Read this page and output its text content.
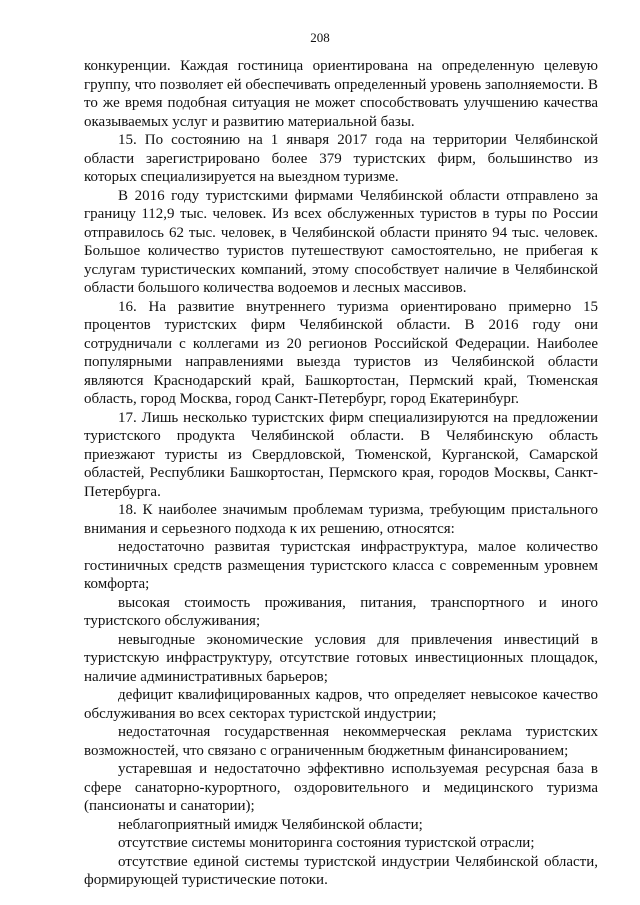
208

конкуренции. Каждая гостиница ориентирована на определенную целевую группу, что позволяет ей обеспечивать определенный уровень заполняемости. В то же время подобная ситуация не может способствовать улучшению качества оказываемых услуг и развитию материальной базы.

15. По состоянию на 1 января 2017 года на территории Челябинской области зарегистрировано более 379 туристских фирм, большинство из которых специализируется на выездном туризме.

В 2016 году туристскими фирмами Челябинской области отправлено за границу 112,9 тыс. человек. Из всех обслуженных туристов в туры по России отправилось 62 тыс. человек, в Челябинской области принято 94 тыс. человек. Большое количество туристов путешествуют самостоятельно, не прибегая к услугам туристических компаний, этому способствует наличие в Челябинской области большого количества водоемов и лесных массивов.

16. На развитие внутреннего туризма ориентировано примерно 15 процентов туристских фирм Челябинской области. В 2016 году они сотрудничали с коллегами из 20 регионов Российской Федерации. Наиболее популярными направлениями выезда туристов из Челябинской области являются Краснодарский край, Башкортостан, Пермский край, Тюменская область, город Москва, город Санкт-Петербург, город Екатеринбург.

17. Лишь несколько туристских фирм специализируются на предложении туристского продукта Челябинской области. В Челябинскую область приезжают туристы из Свердловской, Тюменской, Курганской, Самарской областей, Республики Башкортостан, Пермского края, городов Москвы, Санкт-Петербурга.

18. К наиболее значимым проблемам туризма, требующим пристального внимания и серьезного подхода к их решению, относятся:

недостаточно развитая туристская инфраструктура, малое количество гостиничных средств размещения туристского класса с современным уровнем комфорта;

высокая стоимость проживания, питания, транспортного и иного туристского обслуживания;

невыгодные экономические условия для привлечения инвестиций в туристскую инфраструктуру, отсутствие готовых инвестиционных площадок, наличие административных барьеров;

дефицит квалифицированных кадров, что определяет невысокое качество обслуживания во всех секторах туристской индустрии;

недостаточная государственная некоммерческая реклама туристских возможностей, что связано с ограниченным бюджетным финансированием;

устаревшая и недостаточно эффективно используемая ресурсная база в сфере санаторно-курортного, оздоровительного и медицинского туризма (пансионаты и санатории);

неблагоприятный имидж Челябинской области;

отсутствие системы мониторинга состояния туристской отрасли;

отсутствие единой системы туристской индустрии Челябинской области, формирующей туристические потоки.
